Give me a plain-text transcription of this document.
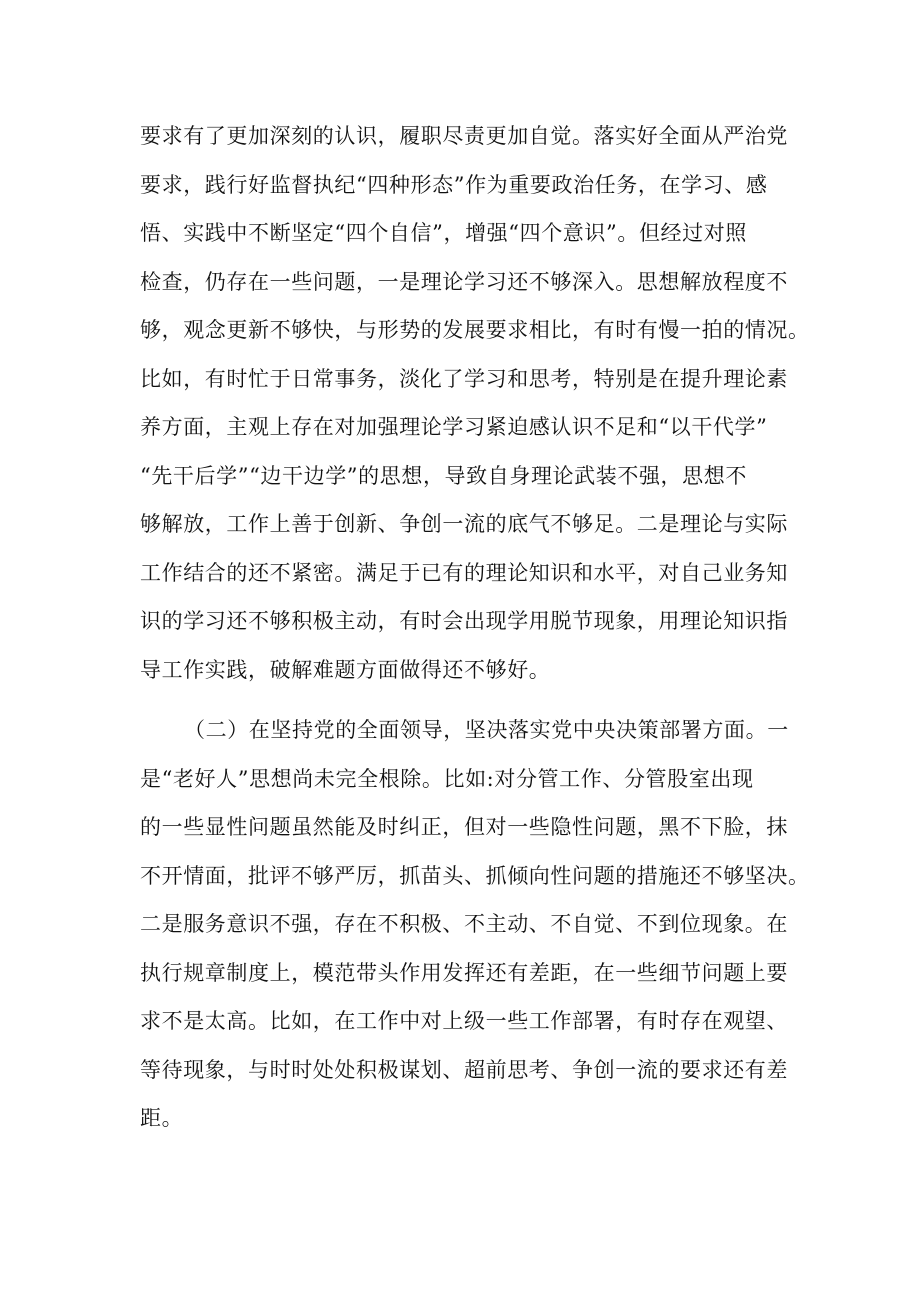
要求有了更加深刻的认识，履职尽责更加自觉。落实好全面从严治党
要求，践行好监督执纪“四种形态”作为重要政治任务，在学习、感
悟、实践中不断坚定“四个自信”，增强“四个意识”。但经过对照
检查，仍存在一些问题，一是理论学习还不够深入。思想解放程度不
够，观念更新不够快，与形势的发展要求相比，有时有慢一拍的情况。
比如，有时忙于日常事务，淡化了学习和思考，特别是在提升理论素
养方面，主观上存在对加强理论学习紧迫感认识不足和“以干代学”
“先干后学”“边干边学”的思想，导致自身理论武装不强，思想不
够解放，工作上善于创新、争创一流的底气不够足。二是理论与实际
工作结合的还不紧密。满足于已有的理论知识和水平，对自己业务知
识的学习还不够积极主动，有时会出现学用脱节现象，用理论知识指
导工作实践，破解难题方面做得还不够好。
（二）在坚持党的全面领导，坚决落实党中央决策部署方面。一
是“老好人”思想尚未完全根除。比如:对分管工作、分管股室出现
的一些显性问题虽然能及时纠正，但对一些隐性问题，黑不下脸，抹
不开情面，批评不够严厉，抓苗头、抓倾向性问题的措施还不够坚决。
二是服务意识不强，存在不积极、不主动、不自觉、不到位现象。在
执行规章制度上，模范带头作用发挥还有差距，在一些细节问题上要
求不是太高。比如，在工作中对上级一些工作部署，有时存在观望、
等待现象，与时时处处积极谋划、超前思考、争创一流的要求还有差
距。
